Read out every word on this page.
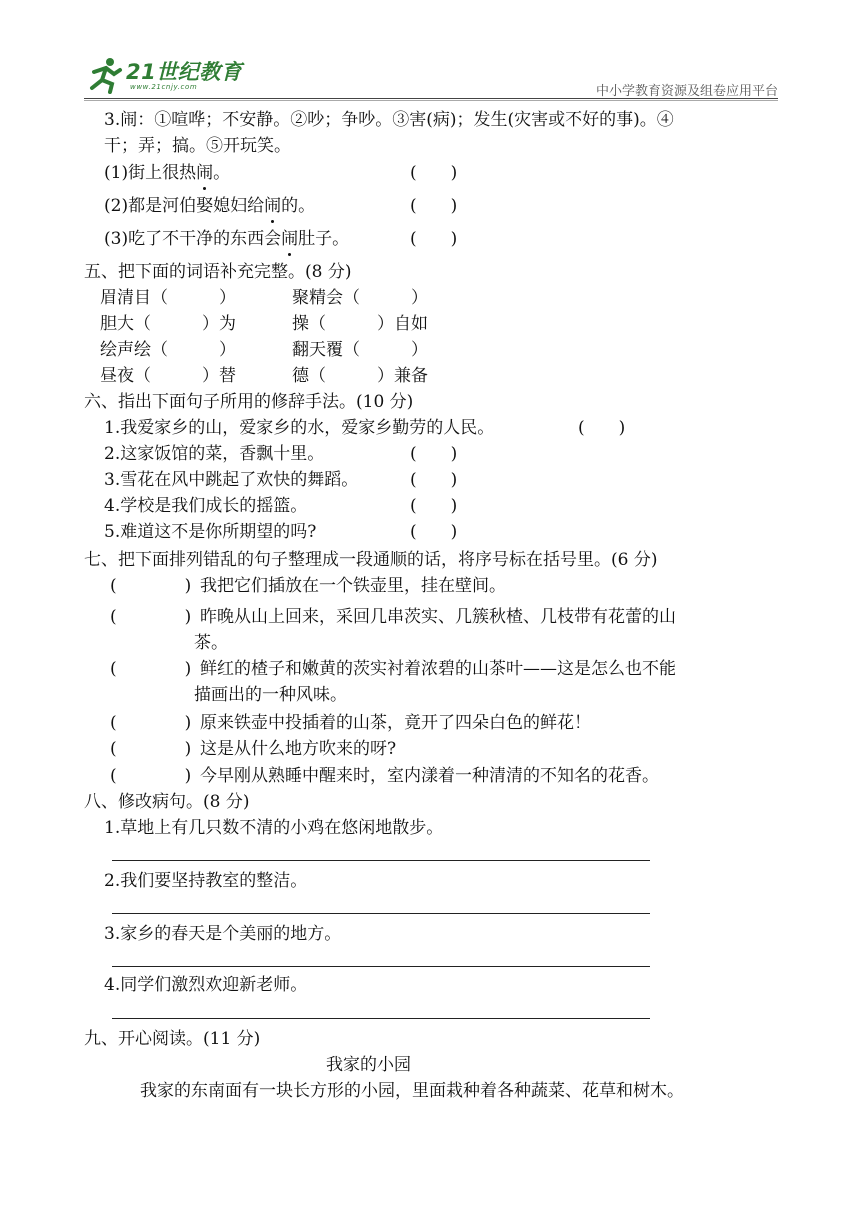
21世纪教育
www.21cnjy.com	中小学教育资源及组卷应用平台
3.闹：①喧哗；不安静。②吵；争吵。③害(病)；发生(灾害或不好的事)。④
干；弄；搞。⑤开玩笑。
(1)街上很热闹。	(　　)
(2)都是河伯娶媳妇给闹的。	(　　)
(3)吃了不干净的东西会闹肚子。	(　　)
五、把下面的词语补充完整。(8 分)
眉清目（　　　）	聚精会（　　　）
胆大（　　　）为	操（　　　）自如
绘声绘（　　　）	翻天覆（　　　）
昼夜（　　　）替	德（　　　）兼备
六、指出下面句子所用的修辞手法。(10 分)
1.我爱家乡的山，爱家乡的水，爱家乡勤劳的人民。	(　　)
2.这家饭馆的菜，香飘十里。	(　　)
3.雪花在风中跳起了欢快的舞蹈。	(　　)
4.学校是我们成长的摇篮。	(　　)
5.难道这不是你所期望的吗?	(　　)
七、把下面排列错乱的句子整理成一段通顺的话，将序号标在括号里。(6 分)
(　　　　) 我把它们插放在一个铁壶里，挂在壁间。
(　　　　) 昨晚从山上回来，采回几串茨实、几簇秋楂、几枝带有花蕾的山
茶。
(　　　　) 鲜红的楂子和嫩黄的茨实衬着浓碧的山茶叶——这是怎么也不能
描画出的一种风味。
(　　　　) 原来铁壶中投插着的山茶，竟开了四朵白色的鲜花！
(　　　　) 这是从什么地方吹来的呀?
(　　　　) 今早刚从熟睡中醒来时，室内漾着一种清清的不知名的花香。
八、修改病句。(8 分)
1.草地上有几只数不清的小鸡在悠闲地散步。
2.我们要坚持教室的整洁。
3.家乡的春天是个美丽的地方。
4.同学们激烈欢迎新老师。
九、开心阅读。(11 分)
我家的小园
我家的东南面有一块长方形的小园，里面栽种着各种蔬菜、花草和树木。
